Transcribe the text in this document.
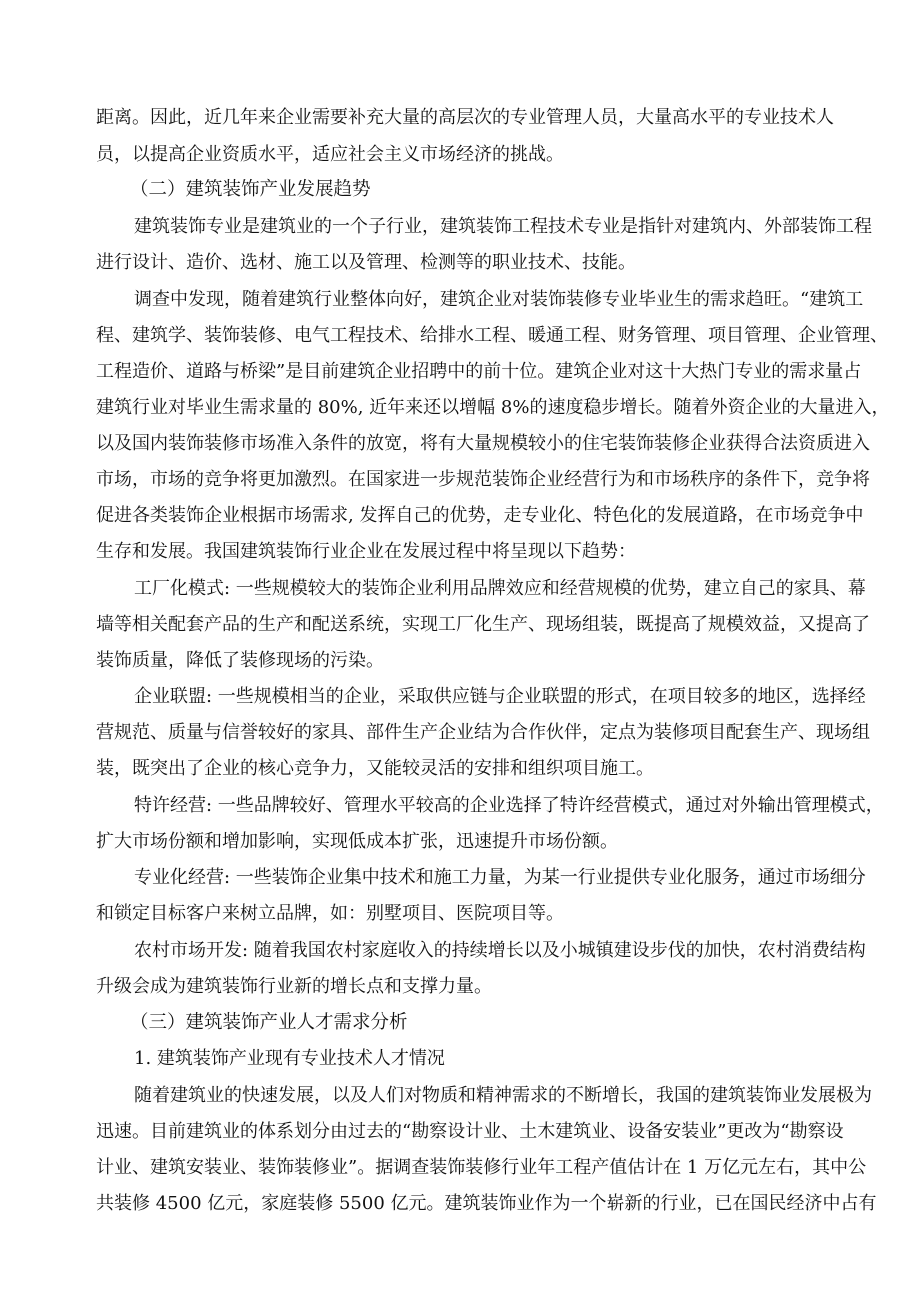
距离。因此，近几年来企业需要补充大量的高层次的专业管理人员，大量高水平的专业技术人

员，以提高企业资质水平，适应社会主义市场经济的挑战。

（二）建筑装饰产业发展趋势

建筑装饰专业是建筑业的一个子行业，建筑装饰工程技术专业是指针对建筑内、外部装饰工程

进行设计、造价、选材、施工以及管理、检测等的职业技术、技能。

调查中发现，随着建筑行业整体向好，建筑企业对装饰装修专业毕业生的需求趋旺。“建筑工

程、建筑学、装饰装修、电气工程技术、给排水工程、暖通工程、财务管理、项目管理、企业管理、

工程造价、道路与桥梁”是目前建筑企业招聘中的前十位。建筑企业对这十大热门专业的需求量占

建筑行业对毕业生需求量的 80%, 近年来还以增幅 8%的速度稳步增长。随着外资企业的大量进入，

以及国内装饰装修市场准入条件的放宽，将有大量规模较小的住宅装饰装修企业获得合法资质进入

市场，市场的竞争将更加激烈。在国家进一步规范装饰企业经营行为和市场秩序的条件下，竞争将

促进各类装饰企业根据市场需求, 发挥自己的优势，走专业化、特色化的发展道路，在市场竞争中

生存和发展。我国建筑装饰行业企业在发展过程中将呈现以下趋势：

工厂化模式: 一些规模较大的装饰企业利用品牌效应和经营规模的优势，建立自己的家具、幕

墙等相关配套产品的生产和配送系统，实现工厂化生产、现场组装，既提高了规模效益，又提高了

装饰质量，降低了装修现场的污染。

企业联盟: 一些规模相当的企业，采取供应链与企业联盟的形式，在项目较多的地区，选择经

营规范、质量与信誉较好的家具、部件生产企业结为合作伙伴，定点为装修项目配套生产、现场组

装，既突出了企业的核心竞争力，又能较灵活的安排和组织项目施工。

特许经营: 一些品牌较好、管理水平较高的企业选择了特许经营模式，通过对外输出管理模式，

扩大市场份额和增加影响，实现低成本扩张，迅速提升市场份额。

专业化经营: 一些装饰企业集中技术和施工力量，为某一行业提供专业化服务，通过市场细分

和锁定目标客户来树立品牌，如：别墅项目、医院项目等。

农村市场开发: 随着我国农村家庭收入的持续增长以及小城镇建设步伐的加快，农村消费结构

升级会成为建筑装饰行业新的增长点和支撑力量。

（三）建筑装饰产业人才需求分析

1. 建筑装饰产业现有专业技术人才情况

随着建筑业的快速发展，以及人们对物质和精神需求的不断增长，我国的建筑装饰业发展极为

迅速。目前建筑业的体系划分由过去的“勘察设计业、土木建筑业、设备安装业”更改为“勘察设

计业、建筑安装业、装饰装修业”。据调查装饰装修行业年工程产值估计在 1 万亿元左右，其中公

共装修 4500 亿元，家庭装修 5500 亿元。建筑装饰业作为一个崭新的行业，已在国民经济中占有
